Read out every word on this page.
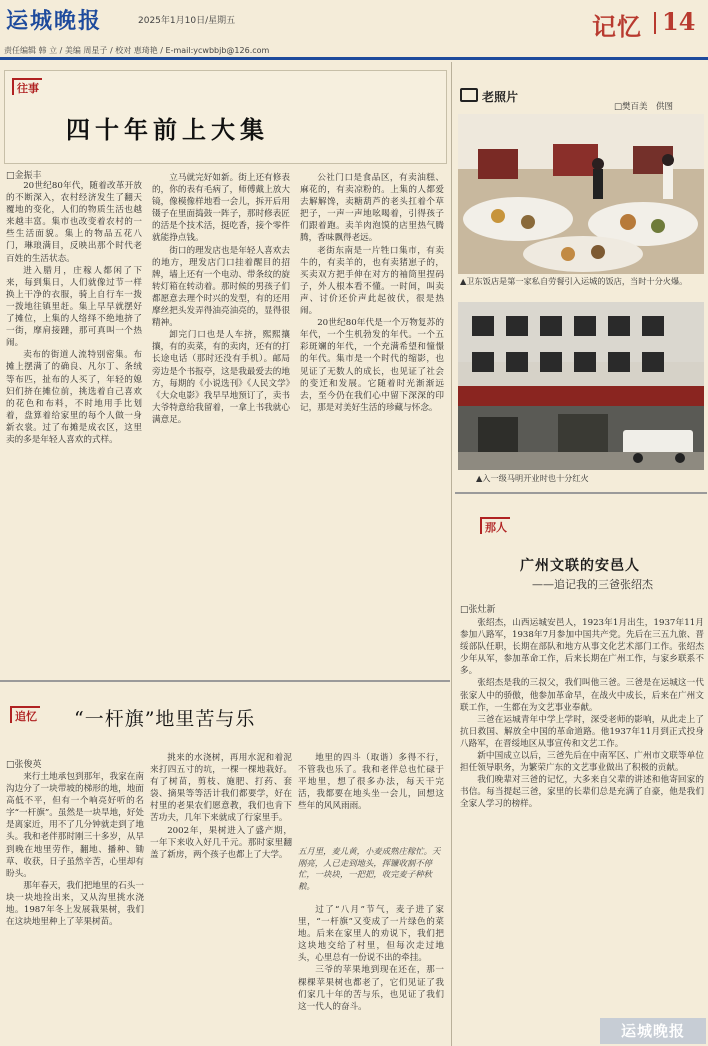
运城晚报	2025年1月10日/星期五	记忆 14
责任编辑 韩 立 / 美编 周星子 / 校对 恵琦艳 / E-mail:ycwbbjb@126.com
往事
四十年前上大集
□金振丰

20世纪80年代，随着改革开放的不断深入，农村经济发生了翻天覆地的变化，人们的物质生活也越来越丰富。集市也改变着农村的一些生活面貌。集上的物品五花八门，琳琅满目，反映出那个时代老百姓的生活状态。

进入腊月，庄稼人都闲了下来，每到集日，人们就像过节一样换上干净的衣服，骑上自行车一拨一拨地往镇里赶。集上早早就摆好了摊位，上集的人络绎不绝地挤了一街，摩肩接踵，那可真叫一个热闹。

卖布的街道人流特别密集。布摊上摆满了的确良、凡尔丁、条绒等布匹，扯布的人买了，年轻的媳妇们挤在摊位前，挑选着自己喜欢的花色和布料，不时地用手比划着，盘算着给家里的每个人做一身新衣裳。过了布摊是成衣区，这里卖的多是年轻人喜欢的式样。

立马就完好如新。街上还有修表的，你的表有毛病了，师傅戴上放大镜，像模像样地看一会儿，拆开后用镊子在里面捣鼓一阵子，那时修表匠的活是个技术活，挺吃香，接个零件就能挣点钱。

街口的理发店也是年轻人喜欢去的地方，理发店门口挂着醒目的招牌，墙上还有一个电动、带条纹的旋转灯箱在转动着。那时候的男孩子们都愿意去理个时兴的发型，有的还用摩丝把头发弄得油亮油亮的，显得很精神。

卸完门口也是人车挤，熙熙攘攘，有的卖菜，有的卖肉，还有的打长途电话（那时还没有手机）。邮局旁边是个书报亭，这是我最爱去的地方，每期的《小说选刊》《人民文学》《大众电影》我早早地预订了，卖书大爷特意给我留着，一拿上书我就心满意足。

公社门口是食品区，有卖油糕、麻花的，有卖凉粉的。上集的人都爱去解解馋，卖糖葫芦的老头扛着个草把子，一声一声地吆喝着，引得孩子们跟着跑。卖羊肉泡馍的店里热气腾腾，香味飘得老远。

老街东南是一片牲口集市，有卖牛的，有卖羊的，也有卖猪崽子的，买卖双方把手伸在对方的袖筒里捏码子，外人根本看不懂。一时间，叫卖声、讨价还价声此起彼伏，很是热闹。

20世纪80年代是一个万物复苏的年代，一个生机勃发的年代。一个五彩斑斓的年代，一个充满希望和憧憬的年代。集市是一个时代的缩影，也见证了无数人的成长，也见证了社会的变迁和发展。它随着时光渐渐远去，至今仍在我们心中留下深深的印记，那是对美好生活的珍藏与怀念。

追忆 “一杆旗”地里苦与乐
□张俊英

来行土地承包到那年，我家在南沟边分了一块带坡的梯形的地，地面高低不平，但有一个响亮好听的名字“一杆旗”。虽然是一块旱地，好处是离家近，用不了几分钟就走到了地头。我和老伴那时刚三十多岁，从早到晚在地里劳作，翻地、播种、锄草、收获，日子虽然辛苦，心里却有盼头。

那年春天，我们把地里的石头一块一块地捡出来，又从沟里挑水浇地。1987年冬上发展栽果树，我们在这块地里种上了苹果树苗。

挑来的水浇树，再用水泥和着泥来打四五寸的坑，一棵一棵地栽好。有了树苗，剪枝、施肥、打药、套袋、摘果等等活计我们都要学，好在村里的老果农们愿意教，我们也肯下苦功夫，几年下来就成了行家里手。

2002年，果树进入了盛产期，一年下来收入好几千元。那时家里翻盖了新房，两个孩子也都上了大学。

地里的四斗（取谐）多得不行，不管我也乐了。我和老伴总也忙碌于平地里，想了很多办法，每天干完活，我都要在地头坐一会儿，回想这些年的风风雨雨。

五月里，麦儿黄，小麦成熟庄稼忙。天刚亮，人已走到地头，挥镰收割不停忙，一块块，一把把，收完麦子种秋粮。

过了“八月”节气，麦子进了家里，“一杆旗”又变成了一片绿色的菜地。后来在家里人的劝说下，我们把这块地交给了村里，但每次走过地头，心里总有一份说不出的牵挂。

三爷的苹果地到现在还在，那一棵棵苹果树也都老了，它们见证了我们家几十年的苦与乐，也见证了我们这一代人的奋斗。

老照片
□樊百美　供图
▲卫东饭店是第一家私自劳餐引入运城的饭店，当时十分火爆。
▲入一级马明开业时也十分红火
那人
广州文联的安邑人
——追记我的三爸张绍杰
□张灶新

张绍杰，山西运城安邑人，1923年1月出生，1937年11月参加八路军，1938年7月参加中国共产党。先后在三五九旅、晋绥部队任职，长期在部队和地方从事文化艺术部门工作。张绍杰少年从军，参加革命工作，后来长期在广州工作，与家乡联系不多。

张绍杰是我的三叔父，我们叫他三爸。三爸是在运城这一代张家人中的骄傲，他参加革命早，在战火中成长，后来在广州文联工作，一生都在为文艺事业奉献。

三爸在运城青年中学上学时，深受老师的影响，从此走上了抗日救国、解放全中国的革命道路。他1937年11月到正式投身八路军，在晋绥地区从事宣传和文艺工作。

新中国成立以后，三爸先后在中南军区、广州市文联等单位担任领导职务，为繁荣广东的文艺事业做出了积极的贡献。

我们晚辈对三爸的记忆，大多来自父辈的讲述和他寄回家的书信。每当提起三爸，家里的长辈们总是充满了自豪，他是我们全家人学习的榜样。

运城晚报
